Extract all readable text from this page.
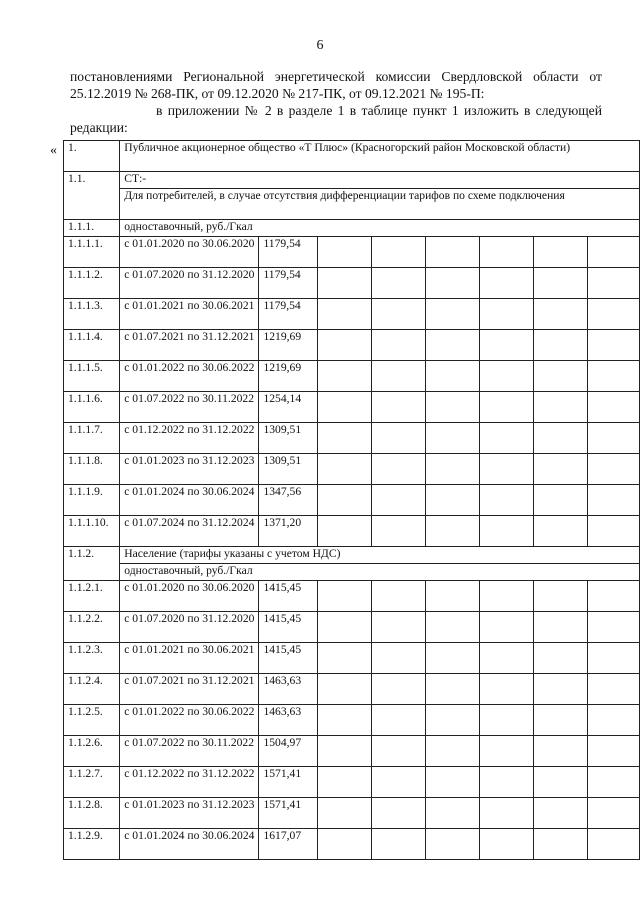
6

постановлениями Региональной энергетической комиссии Свердловской области от 25.12.2019 № 268-ПК, от 09.12.2020 № 217-ПК, от 09.12.2021 № 195-П:

в приложении № 2 в разделе 1 в таблице пункт 1 изложить в следующей редакции:

« 1.	Публичное акционерное общество «Т Плюс» (Красногорский район Московской области)							
1.1.	СТ:-							
	Для потребителей, в случае отсутствия дифференциации тарифов по схеме подключения							
1.1.1.	одноставочный, руб./Гкал							
1.1.1.1.	с 01.01.2020 по 30.06.2020	1179,54						
1.1.1.2.	с 01.07.2020 по 31.12.2020	1179,54						
1.1.1.3.	с 01.01.2021 по 30.06.2021	1179,54						
1.1.1.4.	с 01.07.2021 по 31.12.2021	1219,69						
1.1.1.5.	с 01.01.2022 по 30.06.2022	1219,69						
1.1.1.6.	с 01.07.2022 по 30.11.2022	1254,14						
1.1.1.7.	с 01.12.2022 по 31.12.2022	1309,51						
1.1.1.8.	с 01.01.2023 по 31.12.2023	1309,51						
1.1.1.9.	с 01.01.2024 по 30.06.2024	1347,56						
1.1.1.10.	с 01.07.2024 по 31.12.2024	1371,20						
1.1.2.	Население (тарифы указаны с учетом НДС)							
	одноставочный, руб./Гкал							
1.1.2.1.	с 01.01.2020 по 30.06.2020	1415,45						
1.1.2.2.	с 01.07.2020 по 31.12.2020	1415,45						
1.1.2.3.	с 01.01.2021 по 30.06.2021	1415,45						
1.1.2.4.	с 01.07.2021 по 31.12.2021	1463,63						
1.1.2.5.	с 01.01.2022 по 30.06.2022	1463,63						
1.1.2.6.	с 01.07.2022 по 30.11.2022	1504,97						
1.1.2.7.	с 01.12.2022 по 31.12.2022	1571,41						
1.1.2.8.	с 01.01.2023 по 31.12.2023	1571,41						
1.1.2.9.	с 01.01.2024 по 30.06.2024	1617,07						
